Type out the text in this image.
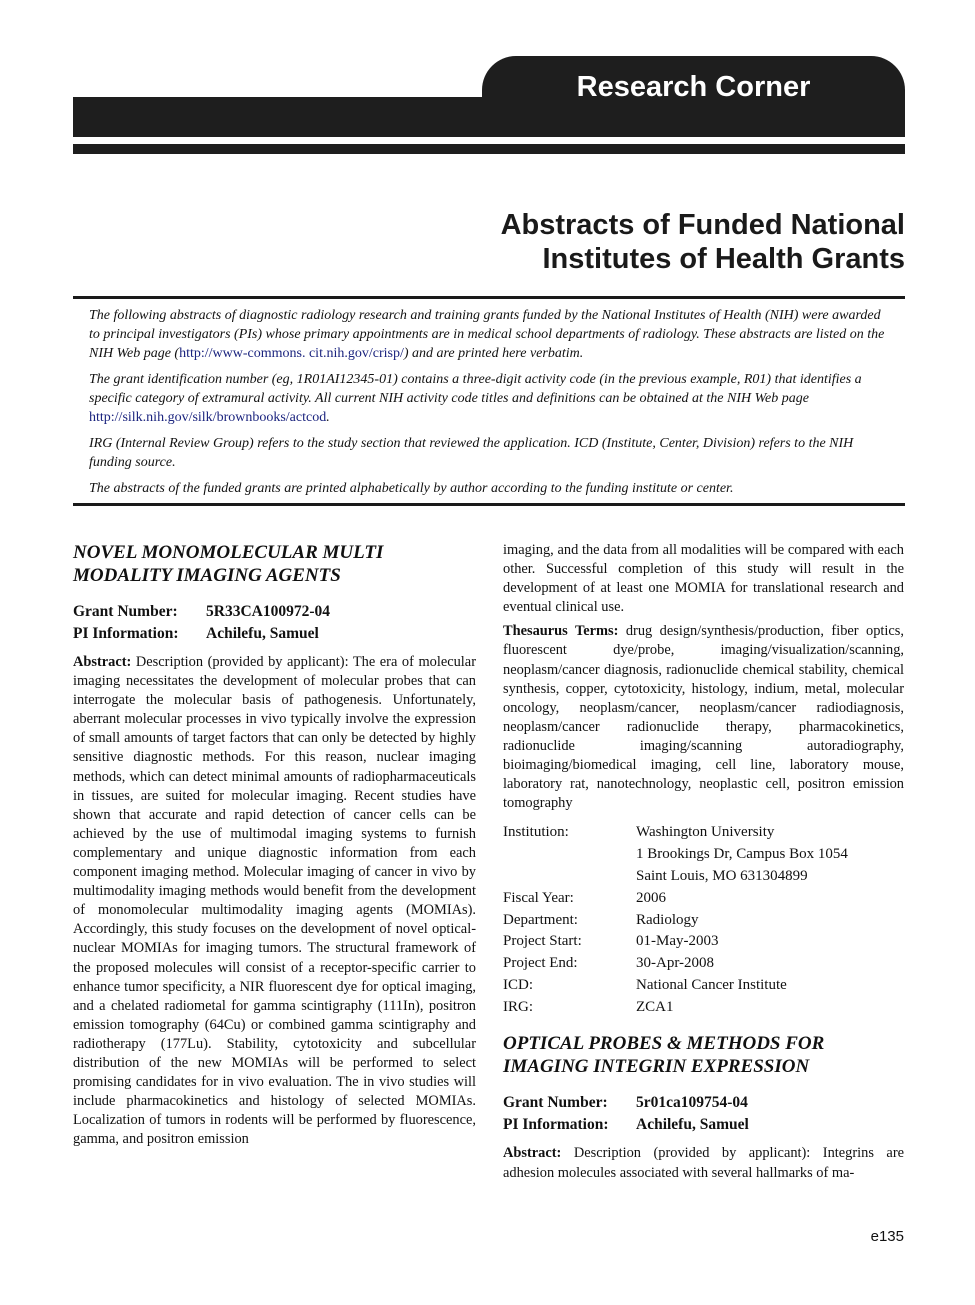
Research Corner
Abstracts of Funded National
Institutes of Health Grants

The following abstracts of diagnostic radiology research and training grants funded by the National Institutes of Health (NIH) were awarded to principal investigators (PIs) whose primary appointments are in medical school departments of radiology. These abstracts are listed on the NIH Web page (http://www-commons. cit.nih.gov/crisp/) and are printed here verbatim.

The grant identification number (eg, 1R01AI12345-01) contains a three-digit activity code (in the previous example, R01) that identifies a specific category of extramural activity. All current NIH activity code titles and definitions can be obtained at the NIH Web page http://silk.nih.gov/silk/brownbooks/actcod.

IRG (Internal Review Group) refers to the study section that reviewed the application. ICD (Institute, Center, Division) refers to the NIH funding source.

The abstracts of the funded grants are printed alphabetically by author according to the funding institute or center.

NOVEL MONOMOLECULAR MULTI
MODALITY IMAGING AGENTS
Grant Number:	5R33CA100972-04
PI Information:	Achilefu, Samuel

Abstract: Description (provided by applicant): The era of molecular imaging necessitates the development of molecular probes that can interrogate the molecular basis of pathogenesis. Unfortunately, aberrant molecular processes in vivo typically involve the expression of small amounts of target factors that can only be detected by highly sensitive diagnostic methods. For this reason, nuclear imaging methods, which can detect minimal amounts of radiopharmaceuticals in tissues, are suited for molecular imaging. Recent studies have shown that accurate and rapid detection of cancer cells can be achieved by the use of multimodal imaging systems to furnish complementary and unique diagnostic information from each component imaging method. Molecular imaging of cancer in vivo by multimodality imaging methods would benefit from the development of monomolecular multimodality imaging agents (MOMIAs). Accordingly, this study focuses on the development of novel optical-nuclear MOMIAs for imaging tumors. The structural framework of the proposed molecules will consist of a receptor-specific carrier to enhance tumor specificity, a NIR fluorescent dye for optical imaging, and a chelated radiometal for gamma scintigraphy (111In), positron emission tomography (64Cu) or combined gamma scintigraphy and radiotherapy (177Lu). Stability, cytotoxicity and subcellular distribution of the new MOMIAs will be performed to select promising candidates for in vivo evaluation. The in vivo studies will include pharmacokinetics and histology of selected MOMIAs. Localization of tumors in rodents will be performed by fluorescence, gamma, and positron emission

imaging, and the data from all modalities will be compared with each other. Successful completion of this study will result in the development of at least one MOMIA for translational research and eventual clinical use.

Thesaurus Terms: drug design/synthesis/production, fiber optics, fluorescent dye/probe, imaging/visualization/scanning, neoplasm/cancer diagnosis, radionuclide chemical stability, chemical synthesis, copper, cytotoxicity, histology, indium, metal, molecular oncology, neoplasm/cancer, neoplasm/cancer radiodiagnosis, neoplasm/cancer radionuclide therapy, pharmacokinetics, radionuclide imaging/scanning autoradiography, bioimaging/biomedical imaging, cell line, laboratory mouse, laboratory rat, nanotechnology, neoplastic cell, positron emission tomography

Institution:	Washington University
1 Brookings Dr, Campus Box 1054
Saint Louis, MO 631304899
Fiscal Year:	2006
Department:	Radiology
Project Start:	01-May-2003
Project End:	30-Apr-2008
ICD:	National Cancer Institute
IRG:	ZCA1
OPTICAL PROBES & METHODS FOR
IMAGING INTEGRIN EXPRESSION
Grant Number:	5r01ca109754-04
PI Information:	Achilefu, Samuel

Abstract: Description (provided by applicant): Integrins are adhesion molecules associated with several hallmarks of ma-

e135
